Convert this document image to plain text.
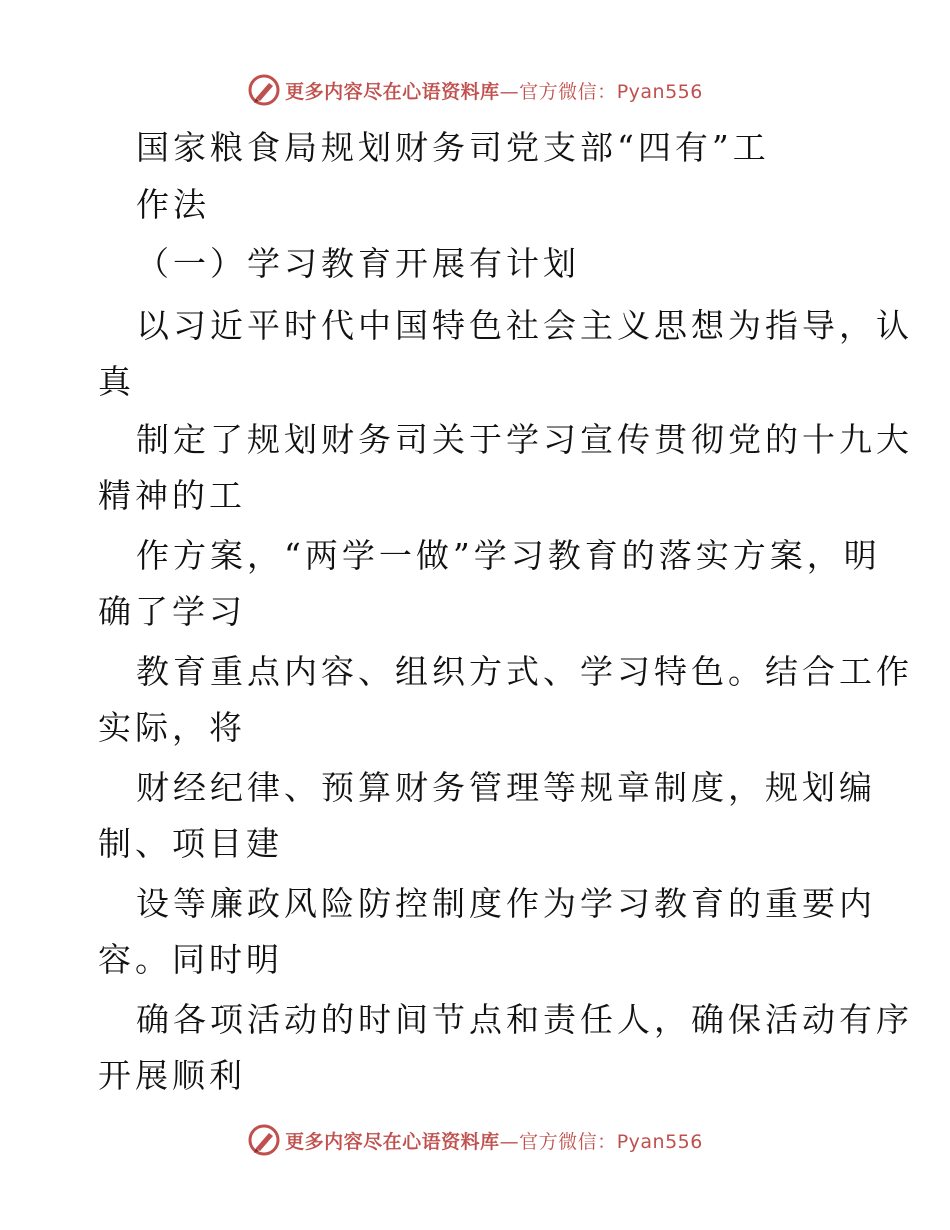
更多内容尽在心语资料库—官方微信：Pyan556
国家粮食局规划财务司党支部“四有”工
作法
（一）学习教育开展有计划
以习近平时代中国特色社会主义思想为指导，认
真
制定了规划财务司关于学习宣传贯彻党的十九大
精神的工
作方案，“两学一做”学习教育的落实方案，明
确了学习
教育重点内容、组织方式、学习特色。结合工作
实际，将
财经纪律、预算财务管理等规章制度，规划编
制、项目建
设等廉政风险防控制度作为学习教育的重要内
容。同时明
确各项活动的时间节点和责任人，确保活动有序
开展顺利
更多内容尽在心语资料库—官方微信：Pyan556
